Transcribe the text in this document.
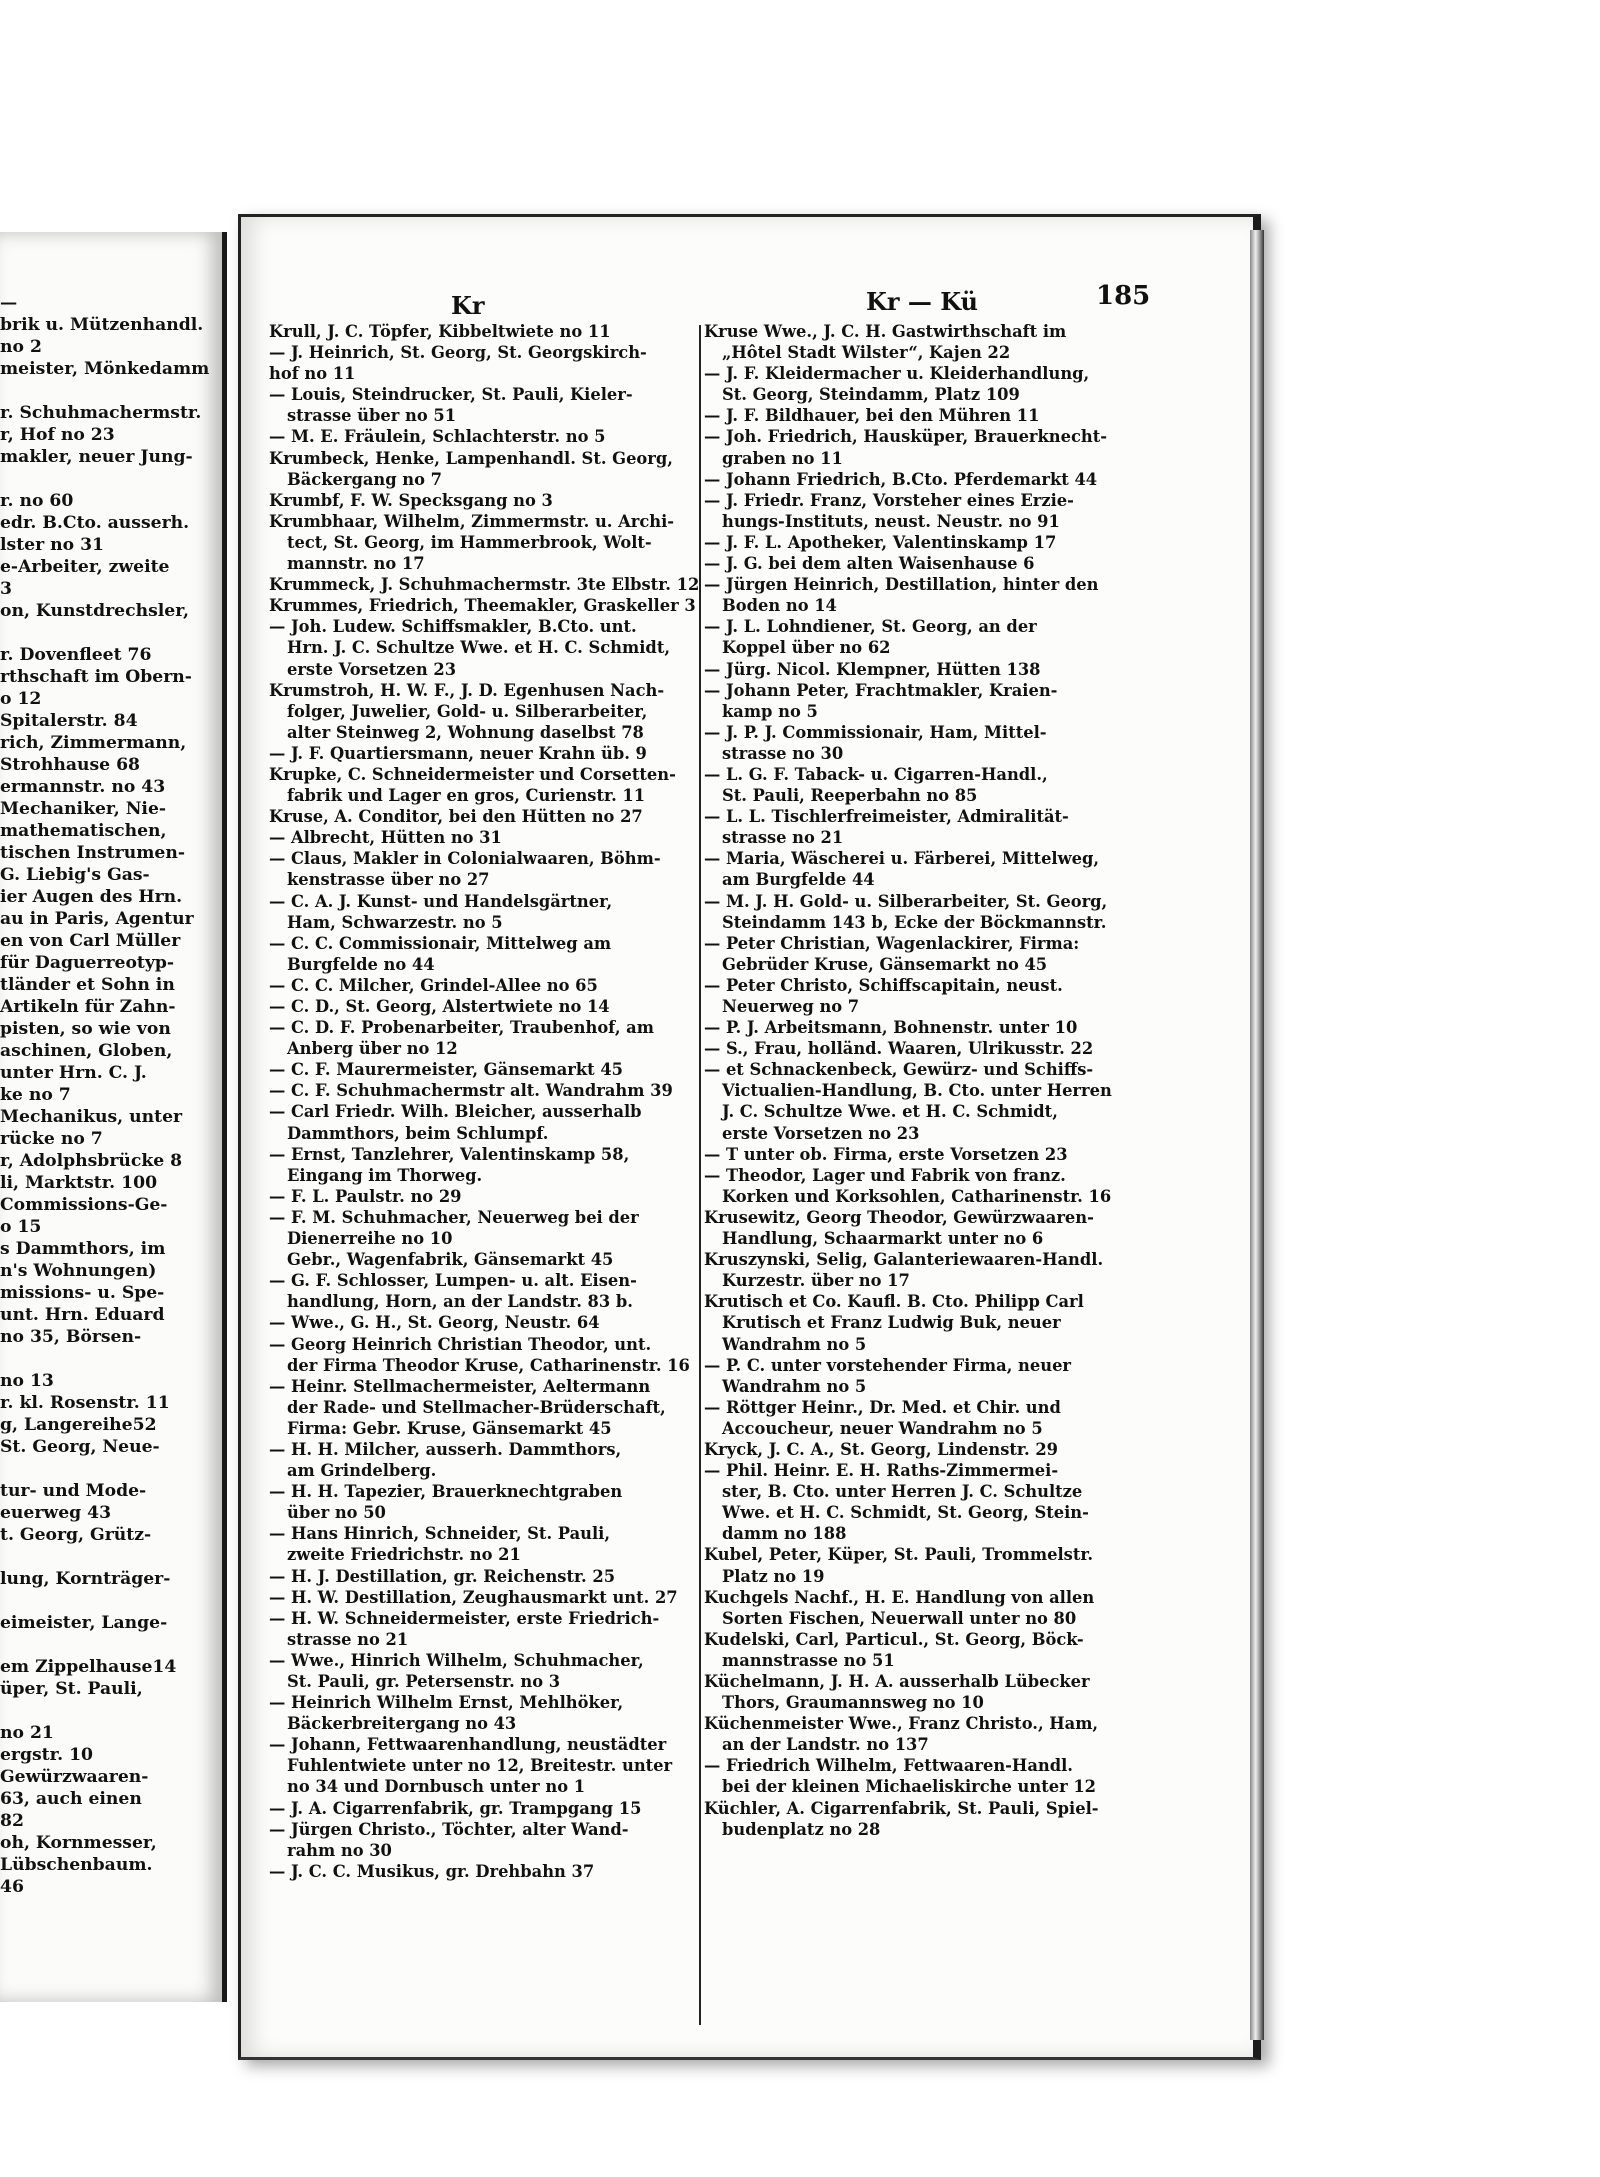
—
brik u. Mützenhandl.
no 2
meister, Mönkedamm
r. Schuhmachermstr.
r, Hof no 23
makler, neuer Jung-
r. no 60
edr. B.Cto. ausserh.
lster no 31
e-Arbeiter, zweite
3
on, Kunstdrechsler,
r. Dovenfleet 76
rthschaft im Obern-
o 12
Spitalerstr. 84
rich, Zimmermann,
Strohhause 68
ermannstr. no 43
Mechaniker, Nie-
mathematischen,
tischen Instrumen-
G. Liebig's Gas-
ier Augen des Hrn.
au in Paris, Agentur
en von Carl Müller
für Daguerreotyp-
tländer et Sohn in
Artikeln für Zahn-
pisten, so wie von
aschinen, Globen,
unter Hrn. C. J.
ke no 7
Mechanikus, unter
rücke no 7
r, Adolphsbrücke 8
li, Marktstr. 100
Commissions-Ge-
o 15
s Dammthors, im
n's Wohnungen)
missions- u. Spe-
unt. Hrn. Eduard
no 35, Börsen-
no 13
r. kl. Rosenstr. 11
g, Langereihe52
St. Georg, Neue-
tur- und Mode-
euerweg 43
t. Georg, Grütz-
lung, Kornträger-
eimeister, Lange-
em Zippelhause14
üper, St. Pauli,
no 21
ergstr. 10
Gewürzwaaren-
63, auch einen
82
oh, Kornmesser,
Lübschenbaum.
46
Kr	Kr — Kü	185
Krull, J. C. Töpfer, Kibbeltwiete no 11
— J. Heinrich, St. Georg, St. Georgskirch-
hof no 11
— Louis, Steindrucker, St. Pauli, Kieler-
strasse über no 51
— M. E. Fräulein, Schlachterstr. no 5
Krumbeck, Henke, Lampenhandl. St. Georg,
Bäckergang no 7
Krumbf, F. W. Specksgang no 3
Krumbhaar, Wilhelm, Zimmermstr. u. Archi-
tect, St. Georg, im Hammerbrook, Wolt-
mannstr. no 17
Krummeck, J. Schuhmachermstr. 3te Elbstr. 12
Krummes, Friedrich, Theemakler, Graskeller 3
— Joh. Ludew. Schiffsmakler, B.Cto. unt.
Hrn. J. C. Schultze Wwe. et H. C. Schmidt,
erste Vorsetzen 23
Krumstroh, H. W. F., J. D. Egenhusen Nach-
folger, Juwelier, Gold- u. Silberarbeiter,
alter Steinweg 2, Wohnung daselbst 78
— J. F. Quartiersmann, neuer Krahn üb. 9
Krupke, C. Schneidermeister und Corsetten-
fabrik und Lager en gros, Curienstr. 11
Kruse, A. Conditor, bei den Hütten no 27
— Albrecht, Hütten no 31
— Claus, Makler in Colonialwaaren, Böhm-
kenstrasse über no 27
— C. A. J. Kunst- und Handelsgärtner,
Ham, Schwarzestr. no 5
— C. C. Commissionair, Mittelweg am
Burgfelde no 44
— C. C. Milcher, Grindel-Allee no 65
— C. D., St. Georg, Alstertwiete no 14
— C. D. F. Probenarbeiter, Traubenhof, am
Anberg über no 12
— C. F. Maurermeister, Gänsemarkt 45
— C. F. Schuhmachermstr alt. Wandrahm 39
— Carl Friedr. Wilh. Bleicher, ausserhalb
Dammthors, beim Schlumpf.
— Ernst, Tanzlehrer, Valentinskamp 58,
Eingang im Thorweg.
— F. L. Paulstr. no 29
— F. M. Schuhmacher, Neuerweg bei der
Dienerreihe no 10
Gebr., Wagenfabrik, Gänsemarkt 45
— G. F. Schlosser, Lumpen- u. alt. Eisen-
handlung, Horn, an der Landstr. 83 b.
— Wwe., G. H., St. Georg, Neustr. 64
— Georg Heinrich Christian Theodor, unt.
der Firma Theodor Kruse, Catharinenstr. 16
— Heinr. Stellmachermeister, Aeltermann
der Rade- und Stellmacher-Brüderschaft,
Firma: Gebr. Kruse, Gänsemarkt 45
— H. H. Milcher, ausserh. Dammthors,
am Grindelberg.
— H. H. Tapezier, Brauerknechtgraben
über no 50
— Hans Hinrich, Schneider, St. Pauli,
zweite Friedrichstr. no 21
— H. J. Destillation, gr. Reichenstr. 25
— H. W. Destillation, Zeughausmarkt unt. 27
— H. W. Schneidermeister, erste Friedrich-
strasse no 21
— Wwe., Hinrich Wilhelm, Schuhmacher,
St. Pauli, gr. Petersenstr. no 3
— Heinrich Wilhelm Ernst, Mehlhöker,
Bäckerbreitergang no 43
— Johann, Fettwaarenhandlung, neustädter
Fuhlentwiete unter no 12, Breitestr. unter
no 34 und Dornbusch unter no 1
— J. A. Cigarrenfabrik, gr. Trampgang 15
— Jürgen Christo., Töchter, alter Wand-
rahm no 30
— J. C. C. Musikus, gr. Drehbahn 37
Kruse Wwe., J. C. H. Gastwirthschaft im
„Hôtel Stadt Wilster“, Kajen 22
— J. F. Kleidermacher u. Kleiderhandlung,
St. Georg, Steindamm, Platz 109
— J. F. Bildhauer, bei den Mühren 11
— Joh. Friedrich, Hausküper, Brauerknecht-
graben no 11
— Johann Friedrich, B.Cto. Pferdemarkt 44
— J. Friedr. Franz, Vorsteher eines Erzie-
hungs-Instituts, neust. Neustr. no 91
— J. F. L. Apotheker, Valentinskamp 17
— J. G. bei dem alten Waisenhause 6
— Jürgen Heinrich, Destillation, hinter den
Boden no 14
— J. L. Lohndiener, St. Georg, an der
Koppel über no 62
— Jürg. Nicol. Klempner, Hütten 138
— Johann Peter, Frachtmakler, Kraien-
kamp no 5
— J. P. J. Commissionair, Ham, Mittel-
strasse no 30
— L. G. F. Taback- u. Cigarren-Handl.,
St. Pauli, Reeperbahn no 85
— L. L. Tischlerfreimeister, Admiralität-
strasse no 21
— Maria, Wäscherei u. Färberei, Mittelweg,
am Burgfelde 44
— M. J. H. Gold- u. Silberarbeiter, St. Georg,
Steindamm 143 b, Ecke der Böckmannstr.
— Peter Christian, Wagenlackirer, Firma:
Gebrüder Kruse, Gänsemarkt no 45
— Peter Christo, Schiffscapitain, neust.
Neuerweg no 7
— P. J. Arbeitsmann, Bohnenstr. unter 10
— S., Frau, holländ. Waaren, Ulrikusstr. 22
— et Schnackenbeck, Gewürz- und Schiffs-
Victualien-Handlung, B. Cto. unter Herren
J. C. Schultze Wwe. et H. C. Schmidt,
erste Vorsetzen no 23
— T unter ob. Firma, erste Vorsetzen 23
— Theodor, Lager und Fabrik von franz.
Korken und Korksohlen, Catharinenstr. 16
Krusewitz, Georg Theodor, Gewürzwaaren-
Handlung, Schaarmarkt unter no 6
Kruszynski, Selig, Galanteriewaaren-Handl.
Kurzestr. über no 17
Krutisch et Co. Kaufl. B. Cto. Philipp Carl
Krutisch et Franz Ludwig Buk, neuer
Wandrahm no 5
— P. C. unter vorstehender Firma, neuer
Wandrahm no 5
— Röttger Heinr., Dr. Med. et Chir. und
Accoucheur, neuer Wandrahm no 5
Kryck, J. C. A., St. Georg, Lindenstr. 29
— Phil. Heinr. E. H. Raths-Zimmermei-
ster, B. Cto. unter Herren J. C. Schultze
Wwe. et H. C. Schmidt, St. Georg, Stein-
damm no 188
Kubel, Peter, Küper, St. Pauli, Trommelstr.
Platz no 19
Kuchgels Nachf., H. E. Handlung von allen
Sorten Fischen, Neuerwall unter no 80
Kudelski, Carl, Particul., St. Georg, Böck-
mannstrasse no 51
Küchelmann, J. H. A. ausserhalb Lübecker
Thors, Graumannsweg no 10
Küchenmeister Wwe., Franz Christo., Ham,
an der Landstr. no 137
— Friedrich Wilhelm, Fettwaaren-Handl.
bei der kleinen Michaeliskirche unter 12
Küchler, A. Cigarrenfabrik, St. Pauli, Spiel-
budenplatz no 28
